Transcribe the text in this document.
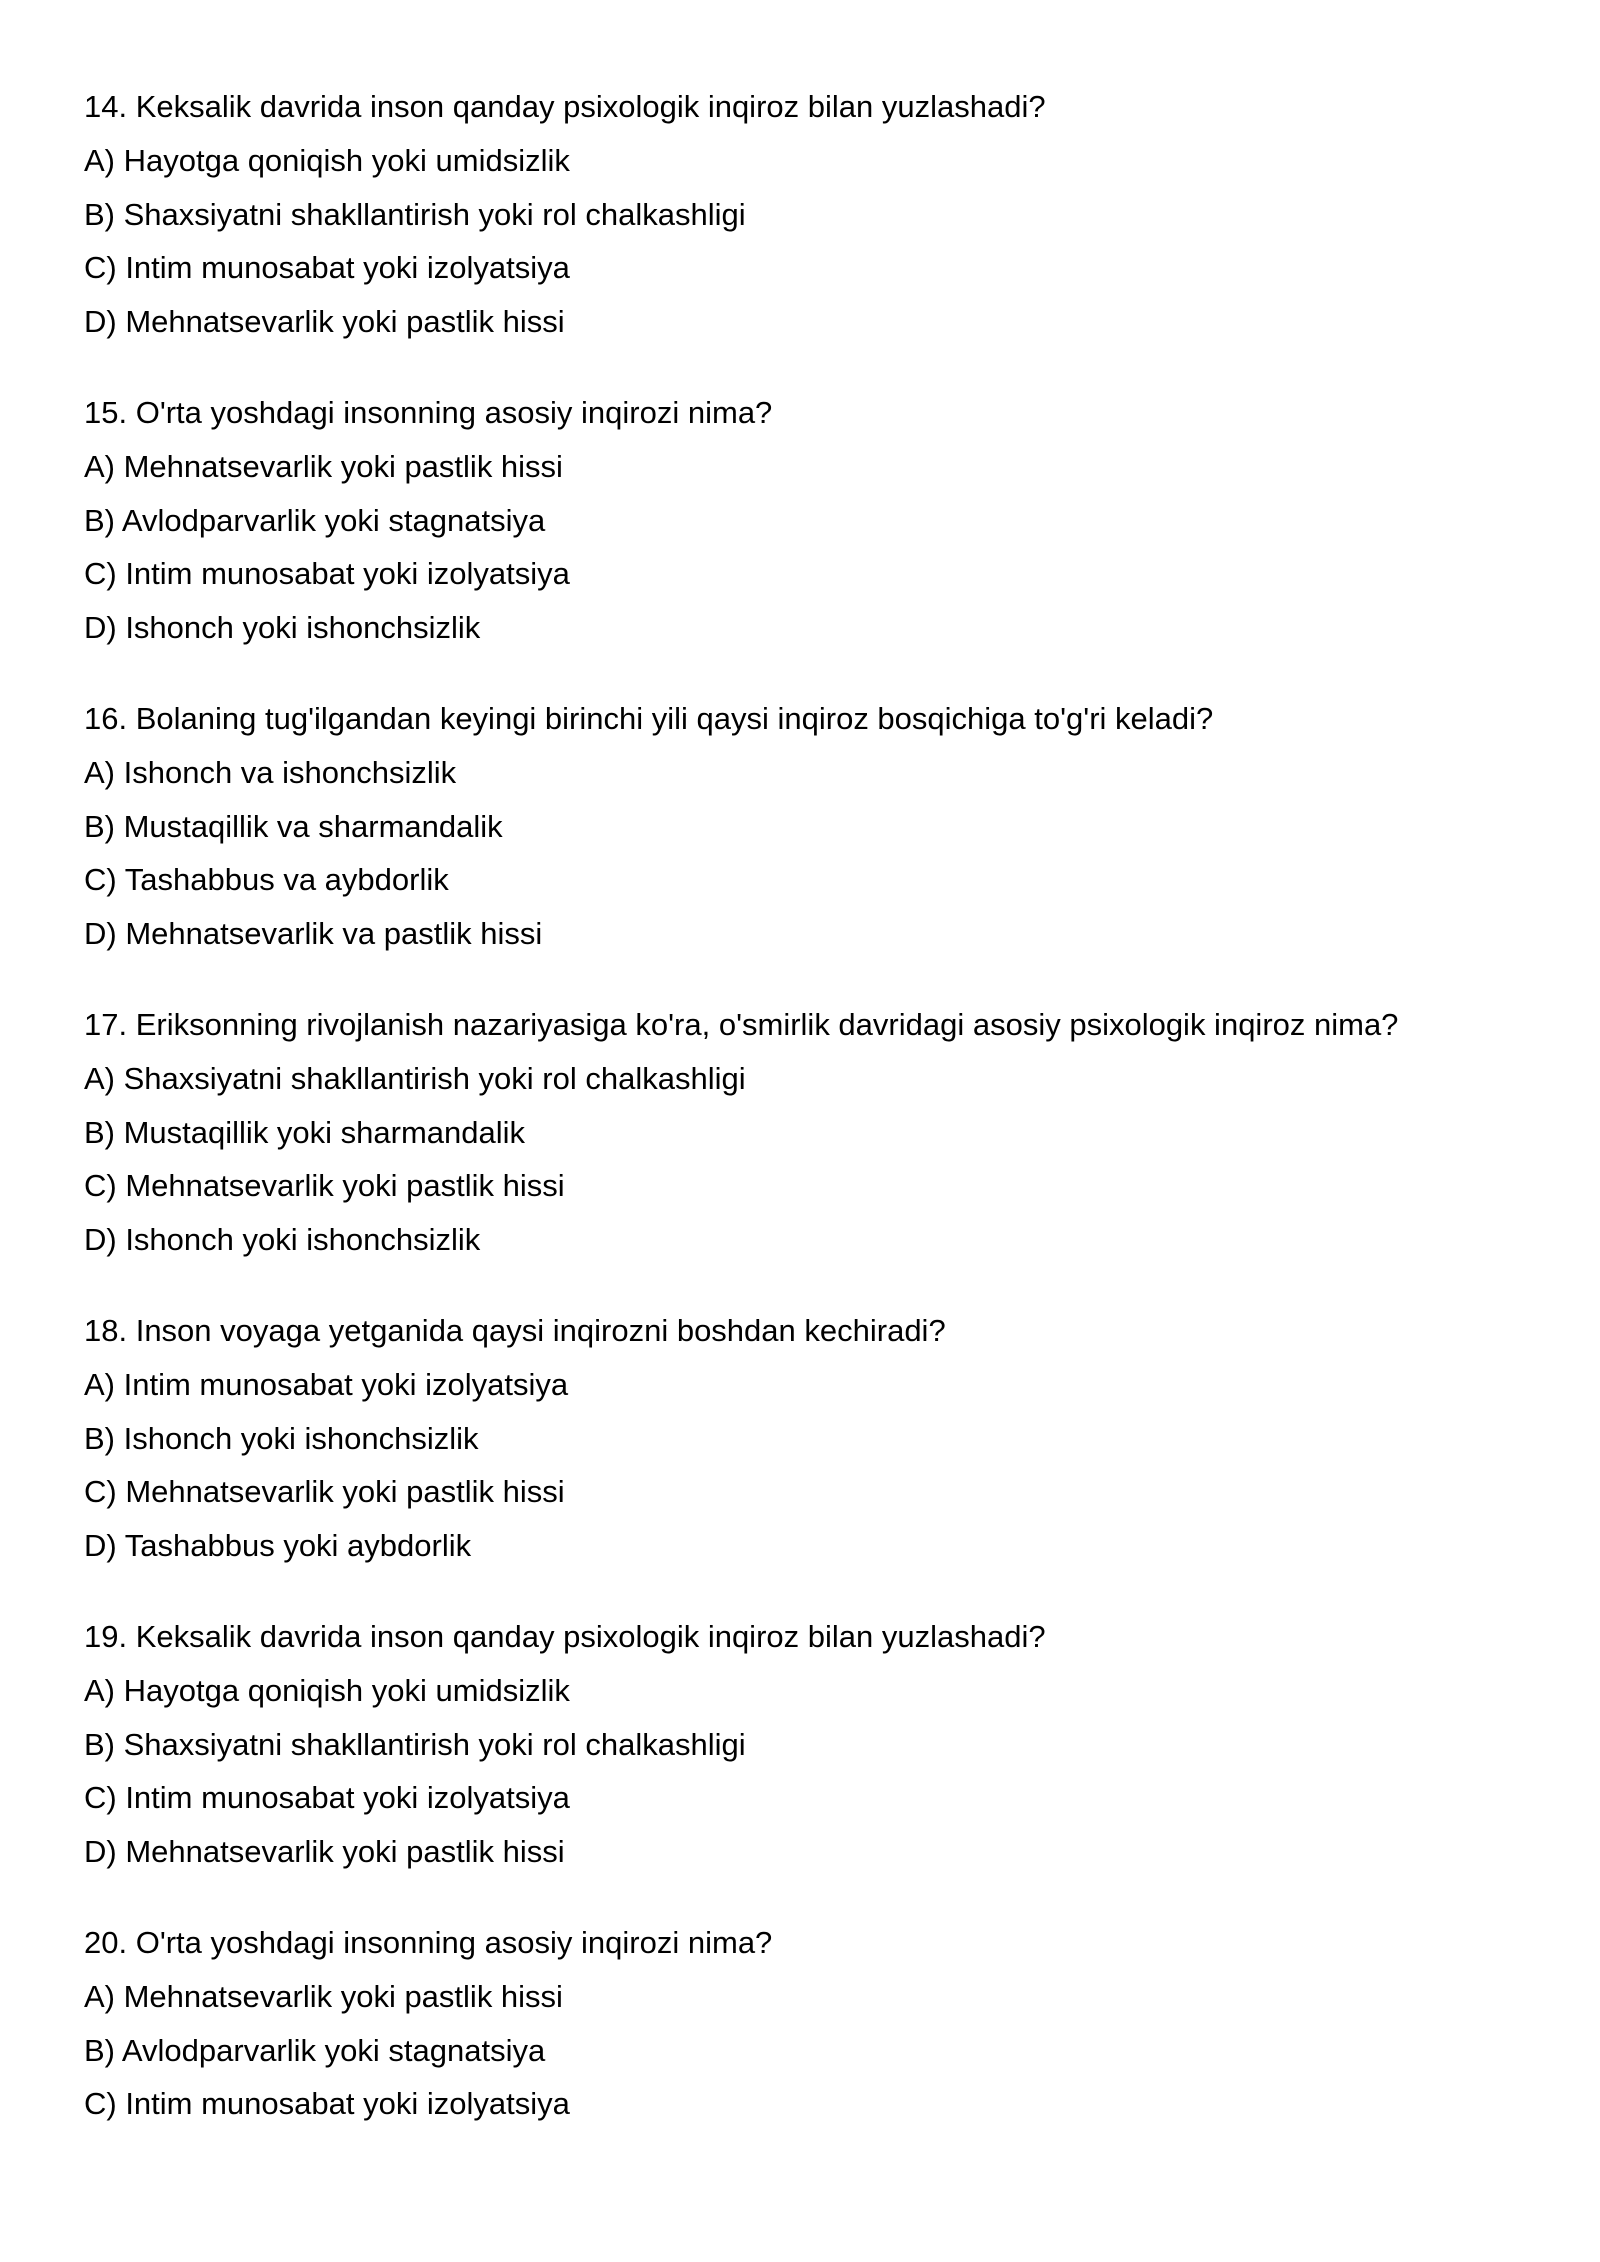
14. Keksalik davrida inson qanday psixologik inqiroz bilan yuzlashadi?
A) Hayotga qoniqish yoki umidsizlik
B) Shaxsiyatni shakllantirish yoki rol chalkashligi
C) Intim munosabat yoki izolyatsiya
D) Mehnatsevarlik yoki pastlik hissi
15. O'rta yoshdagi insonning asosiy inqirozi nima?
A) Mehnatsevarlik yoki pastlik hissi
B) Avlodparvarlik yoki stagnatsiya
C) Intim munosabat yoki izolyatsiya
D) Ishonch yoki ishonchsizlik
16. Bolaning tug'ilgandan keyingi birinchi yili qaysi inqiroz bosqichiga to'g'ri keladi?
A) Ishonch va ishonchsizlik
B) Mustaqillik va sharmandalik
C) Tashabbus va aybdorlik
D) Mehnatsevarlik va pastlik hissi
17. Eriksonning rivojlanish nazariyasiga ko'ra, o'smirlik davridagi asosiy psixologik inqiroz nima?
A) Shaxsiyatni shakllantirish yoki rol chalkashligi
B) Mustaqillik yoki sharmandalik
C) Mehnatsevarlik yoki pastlik hissi
D) Ishonch yoki ishonchsizlik
18. Inson voyaga yetganida qaysi inqirozni boshdan kechiradi?
A) Intim munosabat yoki izolyatsiya
B) Ishonch yoki ishonchsizlik
C) Mehnatsevarlik yoki pastlik hissi
D) Tashabbus yoki aybdorlik
19. Keksalik davrida inson qanday psixologik inqiroz bilan yuzlashadi?
A) Hayotga qoniqish yoki umidsizlik
B) Shaxsiyatni shakllantirish yoki rol chalkashligi
C) Intim munosabat yoki izolyatsiya
D) Mehnatsevarlik yoki pastlik hissi
20. O'rta yoshdagi insonning asosiy inqirozi nima?
A) Mehnatsevarlik yoki pastlik hissi
B) Avlodparvarlik yoki stagnatsiya
C) Intim munosabat yoki izolyatsiya
